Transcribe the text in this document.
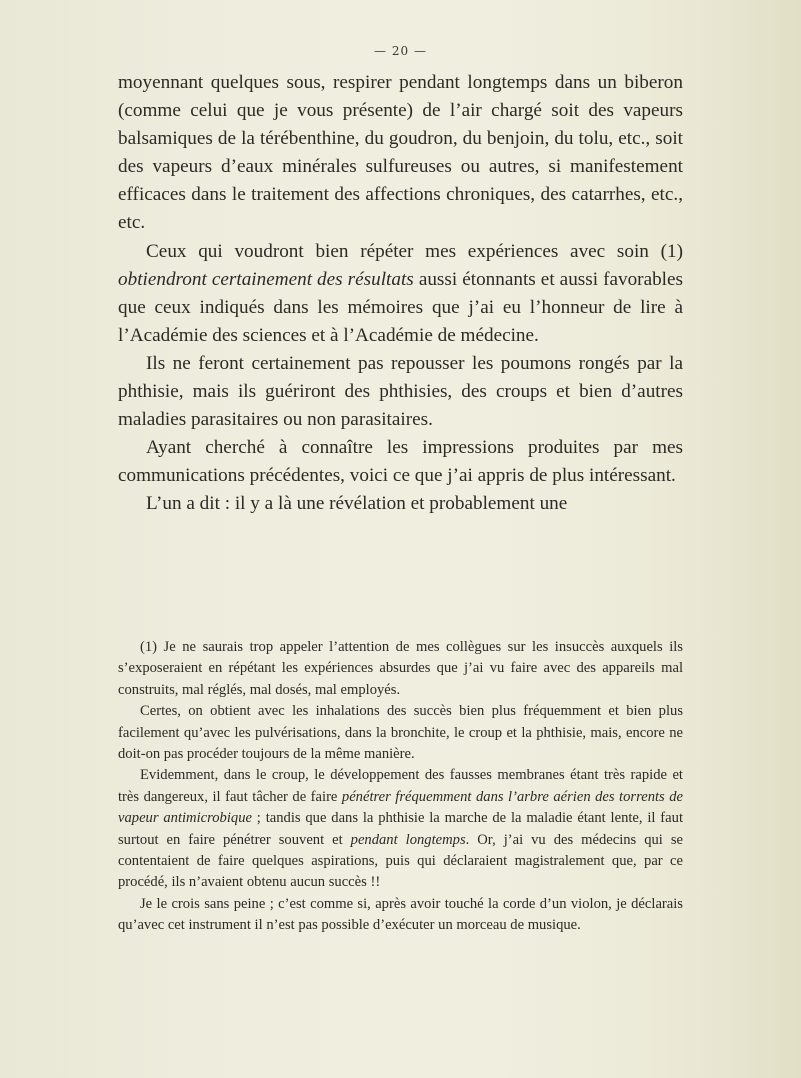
— 20 —

moyennant quelques sous, respirer pendant longtemps dans un biberon (comme celui que je vous présente) de l’air chargé soit des vapeurs balsamiques de la térébenthine, du goudron, du benjoin, du tolu, etc., soit des vapeurs d’eaux minérales sulfureuses ou autres, si manifestement efficaces dans le traitement des affections chroniques, des catarrhes, etc., etc.

Ceux qui voudront bien répéter mes expériences avec soin (1) obtiendront certainement des résultats aussi étonnants et aussi favorables que ceux indiqués dans les mémoires que j’ai eu l’honneur de lire à l’Académie des sciences et à l’Académie de médecine.

Ils ne feront certainement pas repousser les poumons rongés par la phthisie, mais ils guériront des phthisies, des croups et bien d’autres maladies parasitaires ou non parasitaires.

Ayant cherché à connaître les impressions produites par mes communications précédentes, voici ce que j’ai appris de plus intéressant.

L’un a dit : il y a là une révélation et probablement une

(1) Je ne saurais trop appeler l’attention de mes collègues sur les insuccès auxquels ils s’exposeraient en répétant les expériences absurdes que j’ai vu faire avec des appareils mal construits, mal réglés, mal dosés, mal employés.

Certes, on obtient avec les inhalations des succès bien plus fréquemment et bien plus facilement qu’avec les pulvérisations, dans la bronchite, le croup et la phthisie, mais, encore ne doit-on pas procéder toujours de la même manière.

Evidemment, dans le croup, le développement des fausses membranes étant très rapide et très dangereux, il faut tâcher de faire pénétrer fréquemment dans l’arbre aérien des torrents de vapeur antimicrobique ; tandis que dans la phthisie la marche de la maladie étant lente, il faut surtout en faire pénétrer souvent et pendant longtemps. Or, j’ai vu des médecins qui se contentaient de faire quelques aspirations, puis qui déclaraient magistralement que, par ce procédé, ils n’avaient obtenu aucun succès !!

Je le crois sans peine ; c’est comme si, après avoir touché la corde d’un violon, je déclarais qu’avec cet instrument il n’est pas possible d’exécuter un morceau de musique.
